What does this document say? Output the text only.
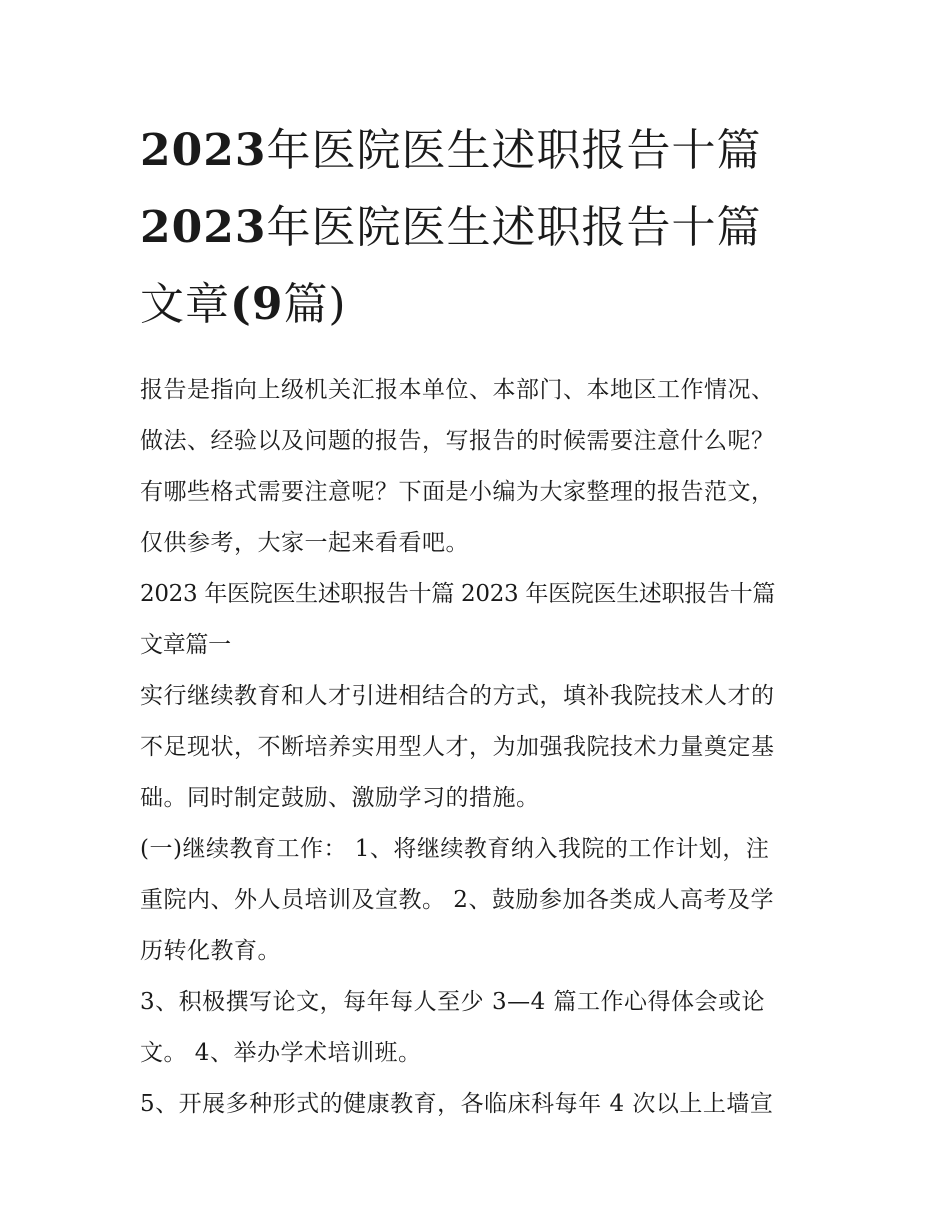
2023年医院医生述职报告十篇
2023年医院医生述职报告十篇
文章(9篇)

报告是指向上级机关汇报本单位、本部门、本地区工作情况、
做法、经验以及问题的报告，写报告的时候需要注意什么呢？
有哪些格式需要注意呢？下面是小编为大家整理的报告范文，
仅供参考，大家一起来看看吧。

2023 年医院医生述职报告十篇 2023 年医院医生述职报告十篇
文章篇一

实行继续教育和人才引进相结合的方式，填补我院技术人才的
不足现状，不断培养实用型人才，为加强我院技术力量奠定基
础。同时制定鼓励、激励学习的措施。

(一)继续教育工作： 1、将继续教育纳入我院的工作计划，注
重院内、外人员培训及宣教。 2、鼓励参加各类成人高考及学
历转化教育。

3、积极撰写论文，每年每人至少 3—4 篇工作心得体会或论
文。 4、举办学术培训班。

5、开展多种形式的健康教育，各临床科每年 4 次以上上墙宣
